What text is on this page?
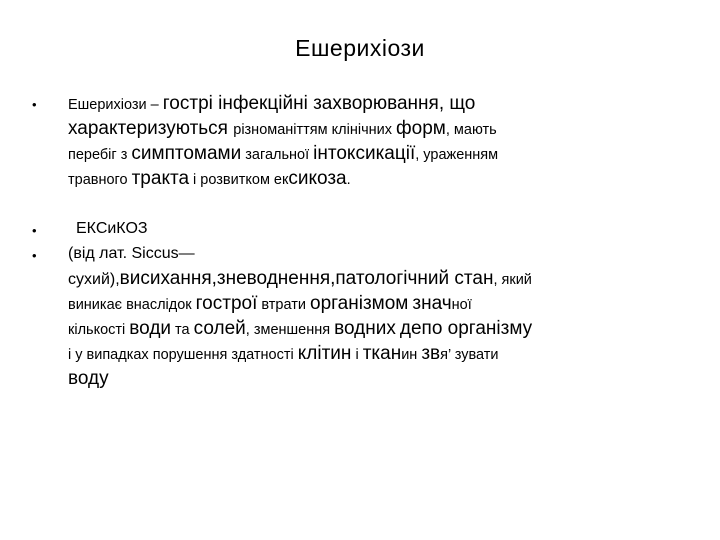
Ешерихіози
• Ешерихіози – гострі інфекційні захворювання, що
характеризуються різноманіттям клінічних форм, мають
перебіг з симптомами загальної інтоксикації, ураженням
травного тракта і розвитком ексикоза.
• ЕКСиКОЗ
• (від лат. Siccus—
сухий),висихання,зневоднення,патологічний стан, який
виникає внаслідок гострої втрати організмом значної
кількості води та солей, зменшення водних депо організму
і у випадках порушення здатності клітин і тканин звя’ зувати
воду
